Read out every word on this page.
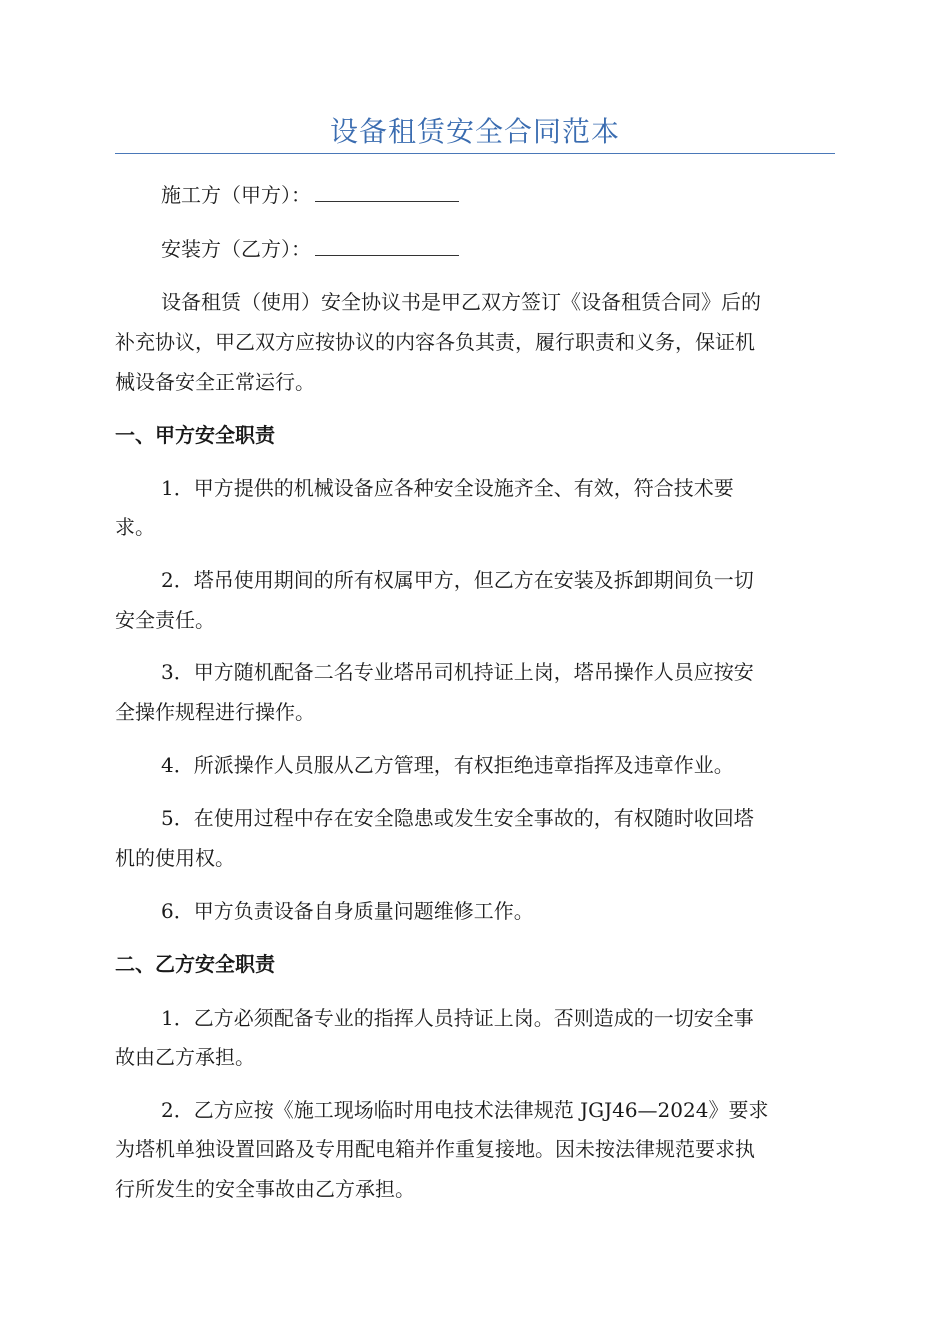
设备租赁安全合同范本
施工方（甲方）：
安装方（乙方）：
设备租赁（使用）安全协议书是甲乙双方签订《设备租赁合同》后的
补充协议，甲乙双方应按协议的内容各负其责，履行职责和义务，保证机
械设备安全正常运行。
一、甲方安全职责
1．甲方提供的机械设备应各种安全设施齐全、有效，符合技术要
求。
2．塔吊使用期间的所有权属甲方，但乙方在安装及拆卸期间负一切
安全责任。
3．甲方随机配备二名专业塔吊司机持证上岗，塔吊操作人员应按安
全操作规程进行操作。
4．所派操作人员服从乙方管理，有权拒绝违章指挥及违章作业。
5．在使用过程中存在安全隐患或发生安全事故的，有权随时收回塔
机的使用权。
6．甲方负责设备自身质量问题维修工作。
二、乙方安全职责
1．乙方必须配备专业的指挥人员持证上岗。否则造成的一切安全事
故由乙方承担。
2．乙方应按《施工现场临时用电技术法律规范 JGJ46—2024》要求
为塔机单独设置回路及专用配电箱并作重复接地。因未按法律规范要求执
行所发生的安全事故由乙方承担。
